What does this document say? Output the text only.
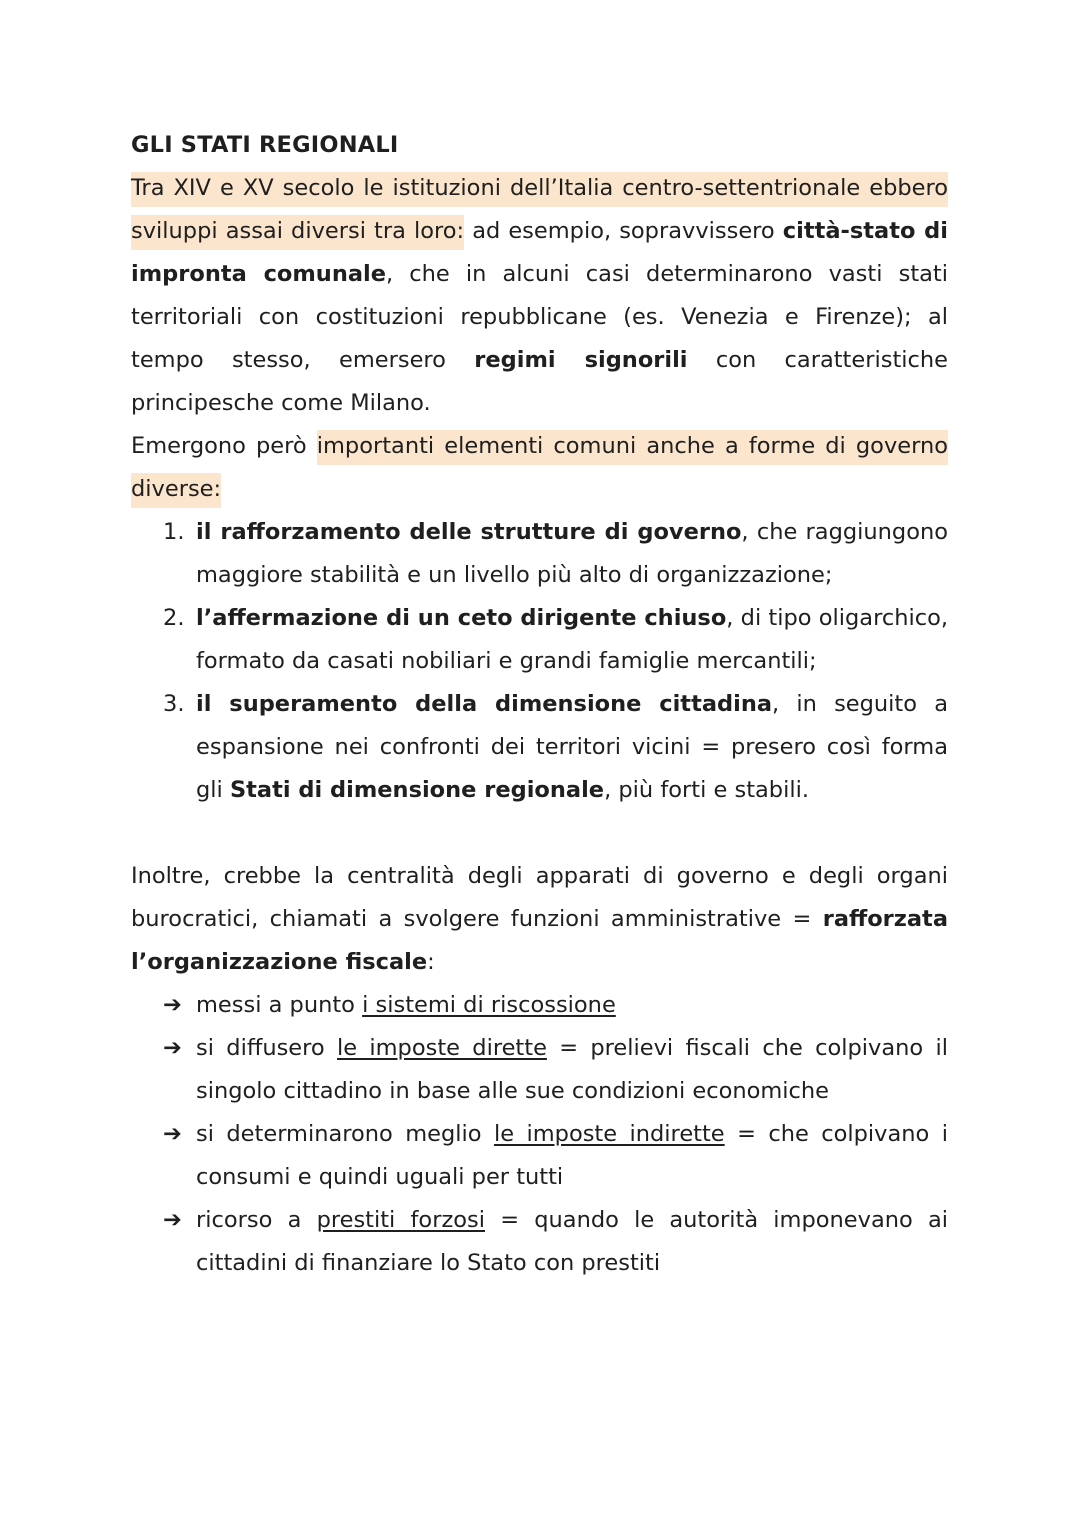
GLI STATI REGIONALI

Tra XIV e XV secolo le istituzioni dell’Italia centro-settentrionale ebbero sviluppi assai diversi tra loro: ad esempio, sopravvissero città-stato di impronta comunale, che in alcuni casi determinarono vasti stati territoriali con costituzioni repubblicane (es. Venezia e Firenze); al tempo stesso, emersero regimi signorili con caratteristiche principesche come Milano.

Emergono però importanti elementi comuni anche a forme di governo diverse:

1. il rafforzamento delle strutture di governo, che raggiungono maggiore stabilità e un livello più alto di organizzazione;
2. l’affermazione di un ceto dirigente chiuso, di tipo oligarchico, formato da casati nobiliari e grandi famiglie mercantili;
3. il superamento della dimensione cittadina, in seguito a espansione nei confronti dei territori vicini = presero così forma gli Stati di dimensione regionale, più forti e stabili.

Inoltre, crebbe la centralità degli apparati di governo e degli organi burocratici, chiamati a svolgere funzioni amministrative = rafforzata l’organizzazione fiscale:

➔ messi a punto i sistemi di riscossione
➔ si diffusero le imposte dirette = prelievi fiscali che colpivano il singolo cittadino in base alle sue condizioni economiche
➔ si determinarono meglio le imposte indirette = che colpivano i consumi e quindi uguali per tutti
➔ ricorso a prestiti forzosi = quando le autorità imponevano ai cittadini di finanziare lo Stato con prestiti
